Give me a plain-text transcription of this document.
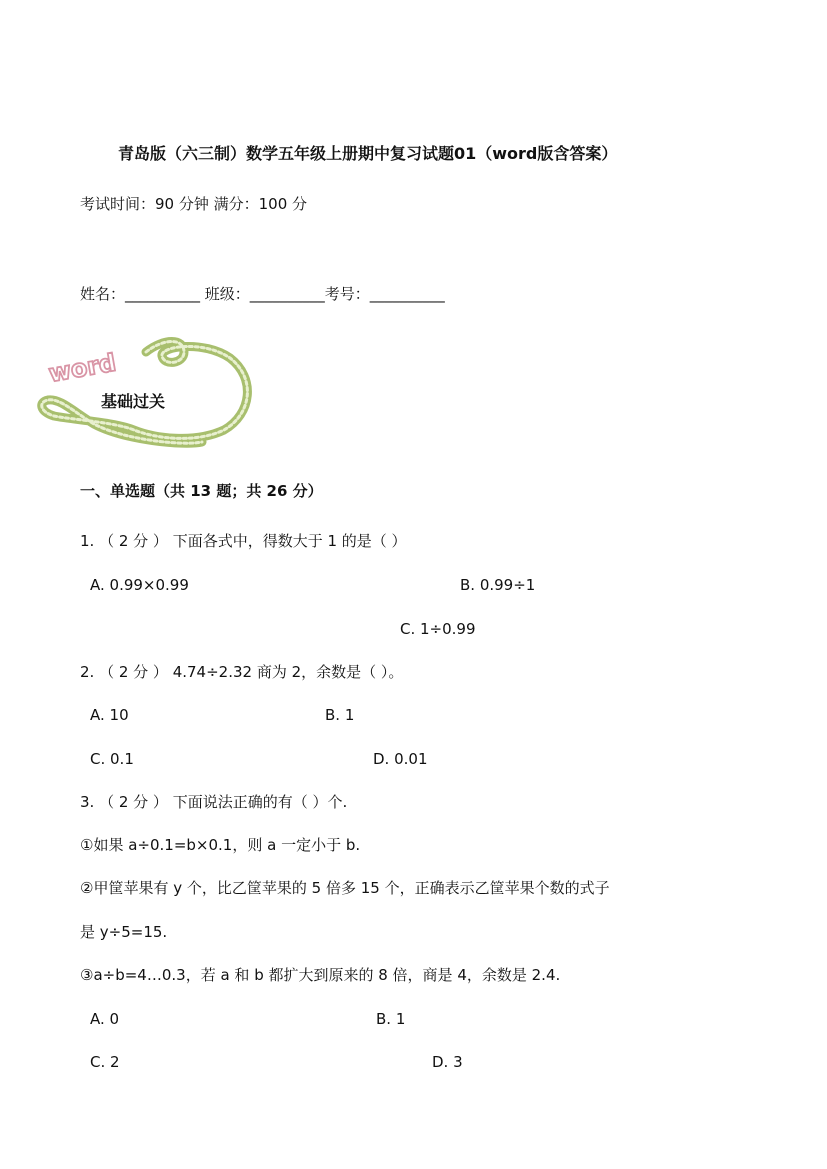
青岛版（六三制）数学五年级上册期中复习试题01（word版含答案）
考试时间：90 分钟 满分：100 分
姓名：__________ 班级：__________考号：__________
word
基础过关
一、单选题（共 13 题；共 26 分）
1. （ 2 分 ） 下面各式中，得数大于 1 的是（ ）
A. 0.99×0.99	B. 0.99÷1
C. 1÷0.99
2. （ 2 分 ） 4.74÷2.32 商为 2，余数是（ ）。
A. 10	B. 1
C. 0.1	D. 0.01
3. （ 2 分 ） 下面说法正确的有（ ）个.
①如果 a÷0.1=b×0.1，则 a 一定小于 b.
②甲筐苹果有 y 个，比乙筐苹果的 5 倍多 15 个，正确表示乙筐苹果个数的式子
是 y÷5=15.
③a÷b=4…0.3，若 a 和 b 都扩大到原来的 8 倍，商是 4，余数是 2.4.
A. 0	B. 1
C. 2	D. 3
